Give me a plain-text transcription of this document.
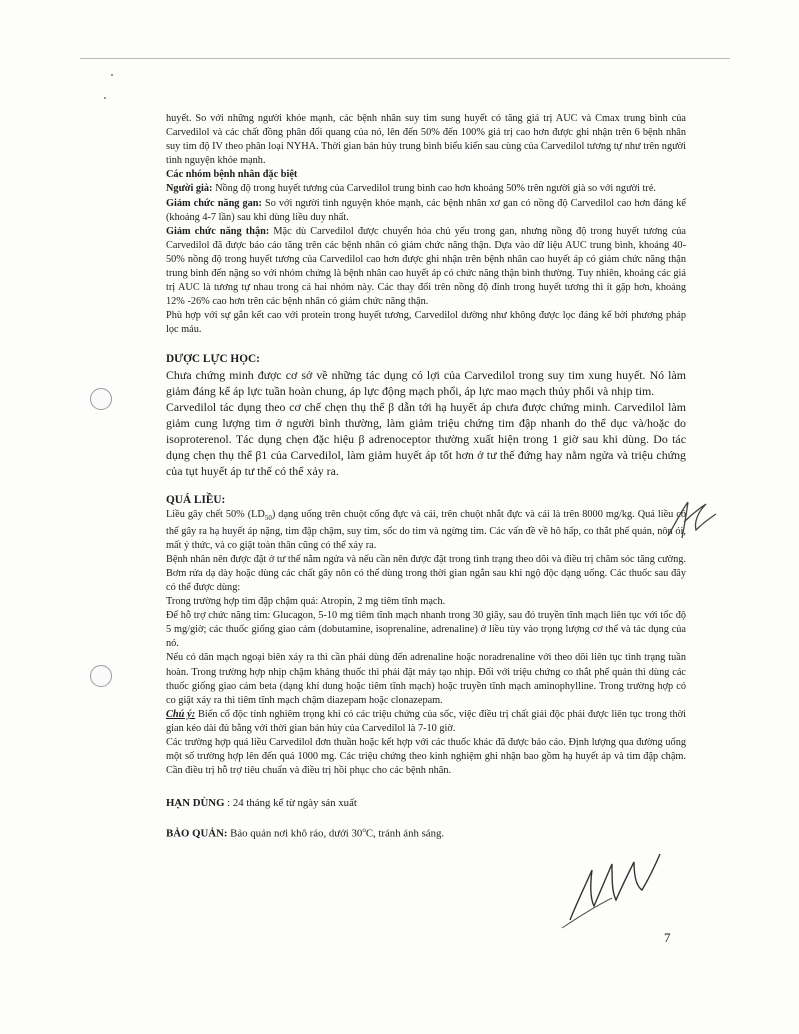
huyết. So với những người khỏe mạnh, các bệnh nhân suy tim sung huyết có tăng giá trị AUC và Cmax trung bình của Carvedilol và các chất đồng phân đối quang của nó, lên đến 50% đến 100% giá trị cao hơn được ghi nhận trên 6 bệnh nhân suy tim độ IV theo phân loại NYHA. Thời gian bán hủy trung bình biểu kiến sau cùng của Carvedilol tương tự như trên người tình nguyện khỏe mạnh.

Các nhóm bệnh nhân đặc biệt

Người già: Nồng độ trong huyết tương của Carvedilol trung bình cao hơn khoảng 50% trên người già so với người trẻ.

Giảm chức năng gan: So với người tình nguyện khỏe mạnh, các bệnh nhân xơ gan có nồng độ Carvedilol cao hơn đáng kể (khoảng 4-7 lần) sau khi dùng liều duy nhất.

Giảm chức năng thận: Mặc dù Carvedilol được chuyển hóa chủ yếu trong gan, nhưng nồng độ trong huyết tương của Carvedilol đã được báo cáo tăng trên các bệnh nhân có giảm chức năng thận. Dựa vào dữ liệu AUC trung bình, khoảng 40-50% nồng độ trong huyết tương của Carvedilol cao hơn được ghi nhận trên bệnh nhân cao huyết áp có giảm chức năng thận trung bình đến nặng so với nhóm chứng là bệnh nhân cao huyết áp có chức năng thận bình thường. Tuy nhiên, khoảng các giá trị AUC là tương tự nhau trong cả hai nhóm này. Các thay đổi trên nồng độ đỉnh trong huyết tương thì ít gặp hơn, khoảng 12% -26% cao hơn trên các bệnh nhân có giảm chức năng thận.

Phù hợp với sự gắn kết cao với protein trong huyết tương, Carvedilol dường như không được lọc đáng kể bởi phương pháp lọc máu.

DƯỢC LỰC HỌC:

Chưa chứng minh được cơ sở về những tác dụng có lợi của Carvedilol trong suy tim xung huyết. Nó làm giảm đáng kể áp lực tuần hoàn chung, áp lực động mạch phổi, áp lực mao mạch thủy phổi và nhịp tim.

Carvedilol tác dụng theo cơ chế chẹn thụ thể β dẫn tới hạ huyết áp chưa được chứng minh. Carvedilol làm giảm cung lượng tim ở người bình thường, làm giảm triệu chứng tim đập nhanh do thể dục và/hoặc do isoproterenol. Tác dụng chẹn đặc hiệu β adrenoceptor thường xuất hiện trong 1 giờ sau khi dùng. Do tác dụng chẹn thụ thể β1 của Carvedilol, làm giảm huyết áp tốt hơn ở tư thế đứng hay nằm ngửa và triệu chứng của tụt huyết áp tư thế có thể xảy ra.

QUÁ LIỀU:

Liều gây chết 50% $(LD_{50})$ dạng uống trên chuột cống đực và cái, trên chuột nhắt đực và cái là trên 8000 mg/kg. Quá liều có thể gây ra hạ huyết áp nặng, tim đập chậm, suy tim, sốc do tim và ngừng tim. Các vấn đề về hô hấp, co thắt phế quản, nôn ói, mất ý thức, và co giật toàn thân cũng có thể xảy ra.

Bệnh nhân nên được đặt ở tư thế nằm ngửa và nếu cần nên được đặt trong tình trạng theo dõi và điều trị chăm sóc tăng cường. Bơm rửa dạ dày hoặc dùng các chất gây nôn có thể dùng trong thời gian ngắn sau khi ngộ độc dạng uống. Các thuốc sau đây có thể được dùng:

Trong trường hợp tim đập chậm quá: Atropin, 2 mg tiêm tĩnh mạch.

Để hỗ trợ chức năng tim: Glucagon, 5-10 mg tiêm tĩnh mạch nhanh trong 30 giây, sau đó truyền tĩnh mạch liên tục với tốc độ 5 mg/giờ; các thuốc giống giao cảm (dobutamine, isoprenaline, adrenaline) ở liều tùy vào trọng lượng cơ thể và tác dụng của nó.

Nếu có dãn mạch ngoại biên xảy ra thì cần phải dùng đến adrenaline hoặc noradrenaline với theo dõi liên tục tình trạng tuần hoàn. Trong trường hợp nhịp chậm kháng thuốc thì phải đặt máy tạo nhịp. Đối với triệu chứng co thắt phế quản thì dùng các thuốc giống giao cảm beta (dạng khí dung hoặc tiêm tĩnh mạch) hoặc truyền tĩnh mạch aminophylline. Trong trường hợp có co giật xảy ra thì tiêm tĩnh mạch chậm diazepam hoặc clonazepam.

Chú ý: Biến cố độc tính nghiêm trọng khi có các triệu chứng của sốc, việc điều trị chất giải độc phải được liên tục trong thời gian kéo dài đủ bằng với thời gian bán hủy của Carvedilol là 7-10 giờ.

Các trường hợp quá liều Carvedilol đơn thuần hoặc kết hợp với các thuốc khác đã được báo cáo. Định lượng qua đường uống một số trường hợp lên đến quá 1000 mg. Các triệu chứng theo kinh nghiệm ghi nhận bao gồm hạ huyết áp và tim đập chậm. Cần điều trị hỗ trợ tiêu chuẩn và điều trị hồi phục cho các bệnh nhân.

HẠN DÙNG : 24 tháng kể từ ngày sản xuất

BẢO QUẢN: Bảo quản nơi khô ráo, dưới 30$^o$C, tránh ánh sáng.

7
